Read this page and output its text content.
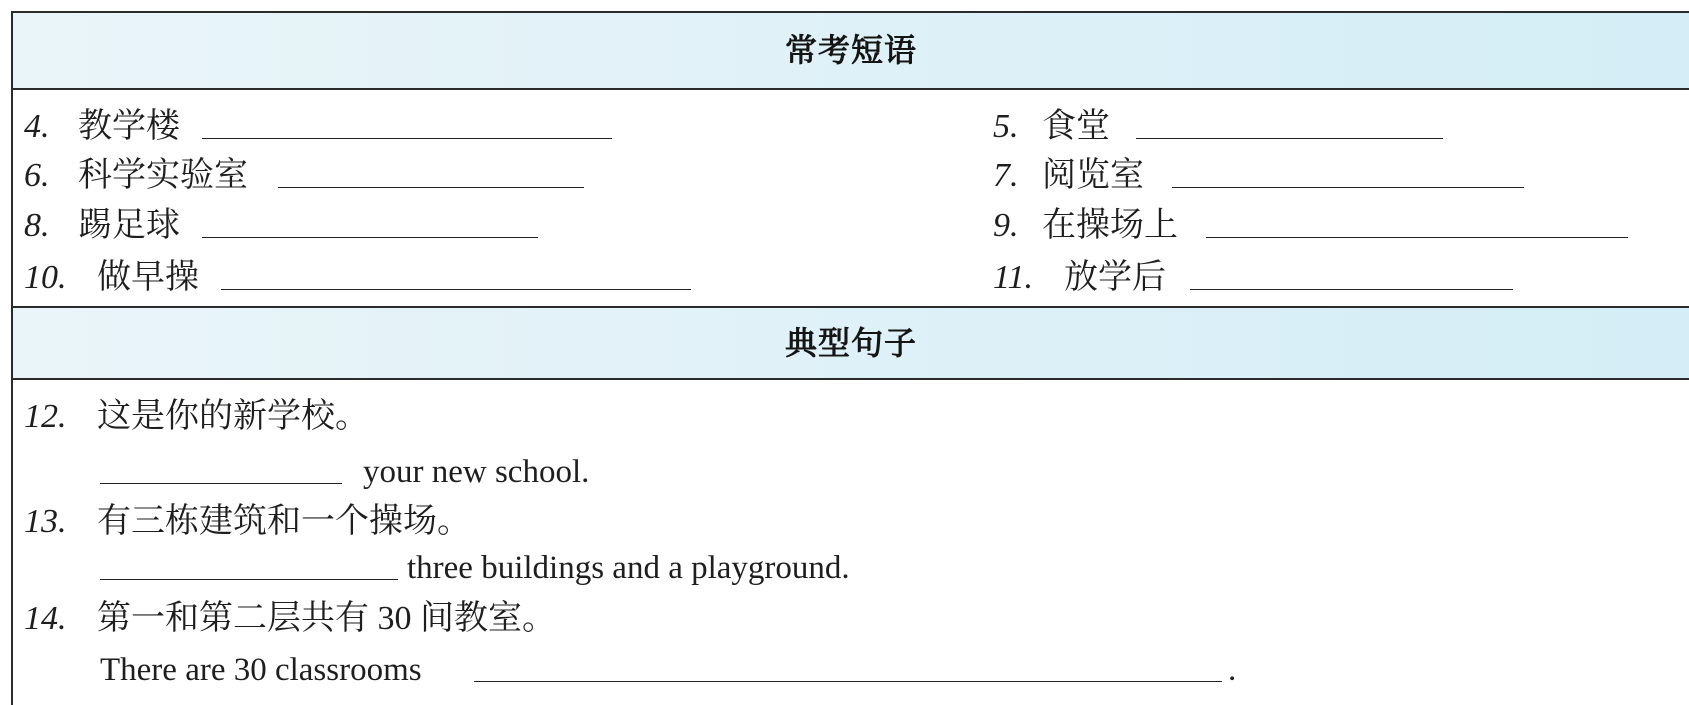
常考短语
4. 教学楼	5. 食堂
6. 科学实验室	7. 阅览室
8. 踢足球	9. 在操场上
10. 做早操	11. 放学后
典型句子
12. 这是你的新学校。
your new school.
13. 有三栋建筑和一个操场。
three buildings and a playground.
14. 第一和第二层共有 30 间教室。
There are 30 classrooms	.
